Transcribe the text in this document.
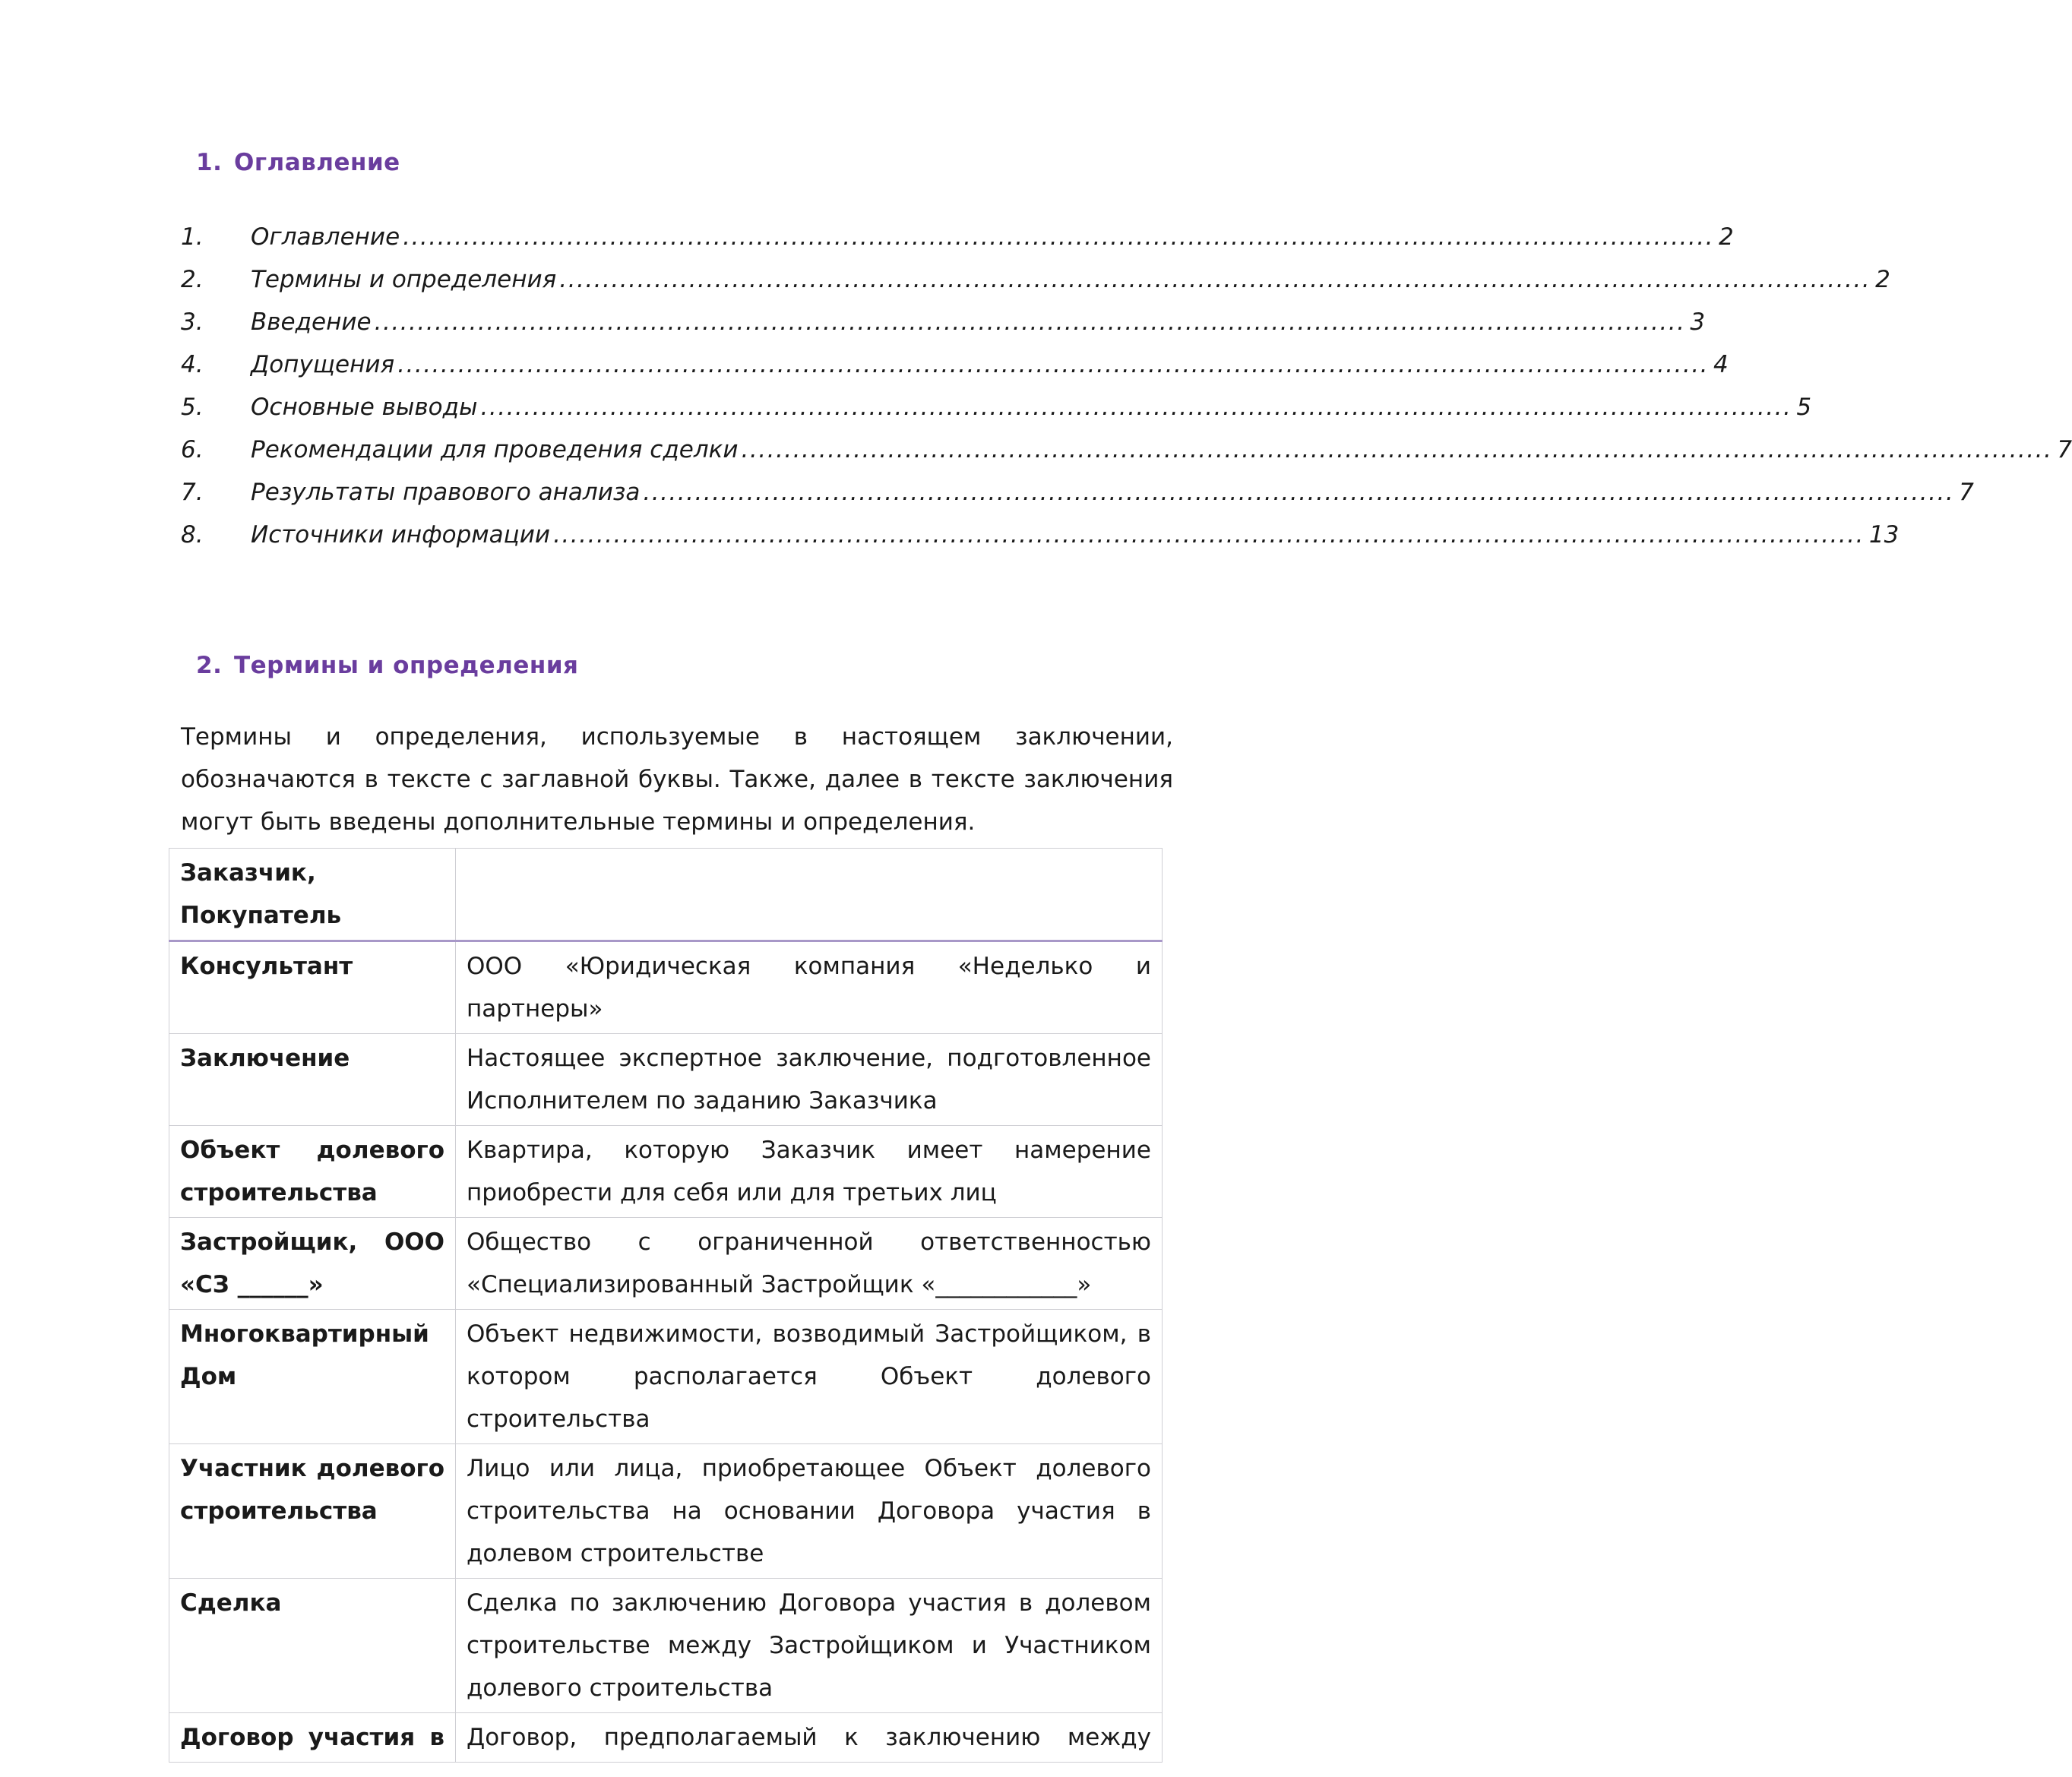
1. Оглавление
1.	Оглавление ........................................................................................................................................................ 2
2.	Термины и определения ........................................................................................................................................................ 2
3.	Введение ........................................................................................................................................................ 3
4.	Допущения ........................................................................................................................................................ 4
5.	Основные выводы ........................................................................................................................................................ 5
6.	Рекомендации для проведения сделки ........................................................................................................................................................ 7
7.	Результаты правового анализа ........................................................................................................................................................ 7
8.	Источники информации ........................................................................................................................................................ 13
2. Термины и определения

Термины и определения, используемые в настоящем заключении, обозначаются в тексте с заглавной буквы. Также, далее в тексте заключения могут быть введены дополнительные термины и определения.

Заказчик, Покупатель	
Консультант	ООО «Юридическая компания «Неделько и партнеры»
Заключение	Настоящее экспертное заключение, подготовленное Исполнителем по заданию Заказчика
Объект долевого строительства	Квартира, которую Заказчик имеет намерение приобрести для себя или для третьих лиц
Застройщик, ООО «СЗ ______»	Общество с ограниченной ответственностью «Специализированный Застройщик «____________»
Многоквартирный Дом	Объект недвижимости, возводимый Застройщиком, в котором располагается Объект долевого строительства
Участник долевого строительства	Лицо или лица, приобретающее Объект долевого строительства на основании Договора участия в долевом строительстве
Сделка	Сделка по заключению Договора участия в долевом строительстве между Застройщиком и Участником долевого строительства
Договор участия в	Договор, предполагаемый к заключению между
